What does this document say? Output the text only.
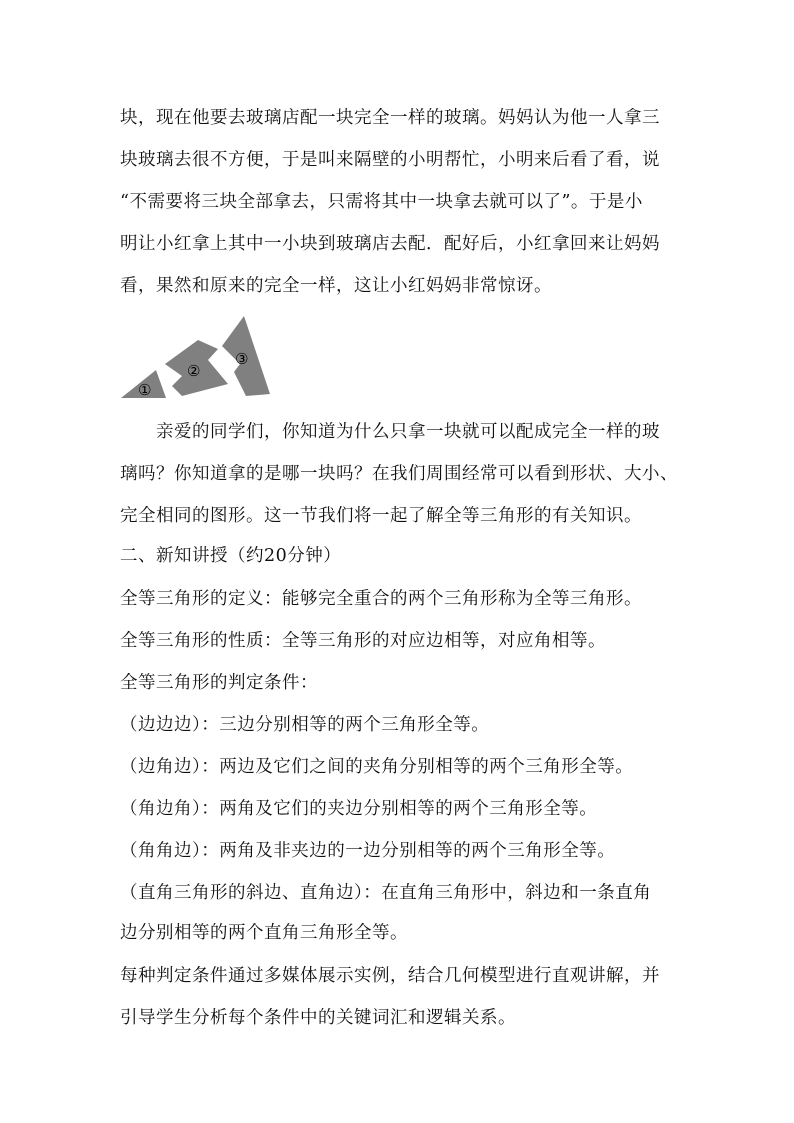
块，现在他要去玻璃店配一块完全一样的玻璃。妈妈认为他一人拿三
块玻璃去很不方便，于是叫来隔壁的小明帮忙，小明来后看了看，说
“不需要将三块全部拿去，只需将其中一块拿去就可以了”。于是小
明让小红拿上其中一小块到玻璃店去配．配好后，小红拿回来让妈妈
看，果然和原来的完全一样，这让小红妈妈非常惊讶。
①
②
③
亲爱的同学们，你知道为什么只拿一块就可以配成完全一样的玻
璃吗？你知道拿的是哪一块吗？在我们周围经常可以看到形状、大小、
完全相同的图形。这一节我们将一起了解全等三角形的有关知识。
二、新知讲授（约20分钟）
全等三角形的定义：能够完全重合的两个三角形称为全等三角形。
全等三角形的性质：全等三角形的对应边相等，对应角相等。
全等三角形的判定条件：
（边边边）：三边分别相等的两个三角形全等。
（边角边）：两边及它们之间的夹角分别相等的两个三角形全等。
（角边角）：两角及它们的夹边分别相等的两个三角形全等。
（角角边）：两角及非夹边的一边分别相等的两个三角形全等。
（直角三角形的斜边、直角边）：在直角三角形中，斜边和一条直角
边分别相等的两个直角三角形全等。
每种判定条件通过多媒体展示实例，结合几何模型进行直观讲解，并
引导学生分析每个条件中的关键词汇和逻辑关系。
